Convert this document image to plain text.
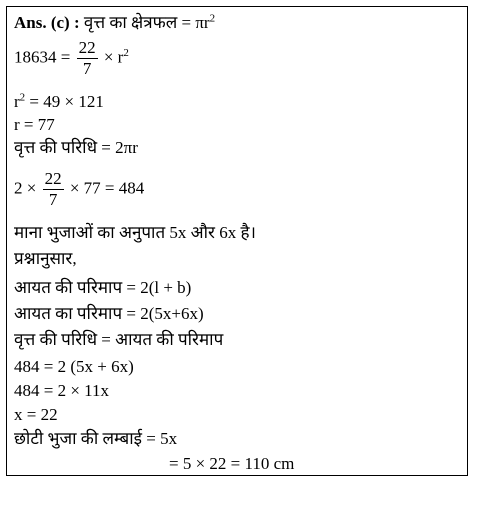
Ans. (c) : वृत्त का क्षेत्रफल = $\pi r^2$
$18634 = \frac{22}{7} \times r^2$
$r^2 = 49 \times 121$
r = 77
वृत्त की परिधि = 2πr
$2 \times \frac{22}{7} \times 77 = 484$
माना भुजाओं का अनुपात 5x और 6x है।
प्रश्नानुसार,
आयत की परिमाप = 2(l + b)
आयत का परिमाप = 2(5x+6x)
वृत्त की परिधि = आयत की परिमाप
484 = 2 (5x + 6x)
484 = 2 × 11x
x = 22
छोटी भुजा की लम्बाई = 5x
= 5 × 22 = 110 cm
